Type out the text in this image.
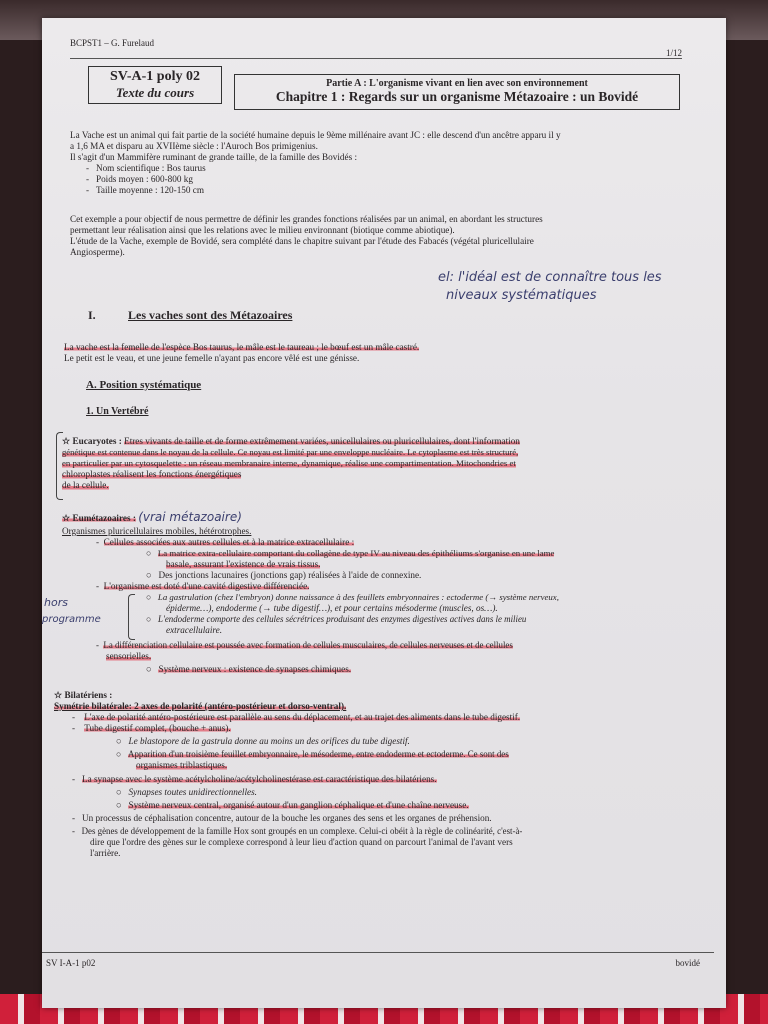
BCPST1 – G. Furelaud
1/12
SV-A-1 poly 02
Texte du cours
Partie A : L'organisme vivant en lien avec son environnement
Chapitre 1 : Regards sur un organisme Métazoaire : un Bovidé
La Vache est un animal qui fait partie de la société humaine depuis le 9ème millénaire avant JC : elle descend d'un ancêtre apparu il y
a 1,6 MA et disparu au XVIIème siècle : l'Auroch Bos primigenius.
Il s'agit d'un Mammifère ruminant de grande taille, de la famille des Bovidés :
-   Nom scientifique : Bos taurus
-   Poids moyen : 600-800 kg
-   Taille moyenne : 120-150 cm
Cet exemple a pour objectif de nous permettre de définir les grandes fonctions réalisées par un animal, en abordant les structures
permettant leur réalisation ainsi que les relations avec le milieu environnant (biotique comme abiotique).
L'étude de la Vache, exemple de Bovidé, sera complété dans le chapitre suivant par l'étude des Fabacés (végétal pluricellulaire
Angiosperme).
el: l'idéal est de connaître tous les
niveaux systématiques
I.	Les vaches sont des Métazoaires
La vache est la femelle de l'espèce Bos taurus, le mâle est le taureau ; le bœuf est un mâle castré.
Le petit est le veau, et une jeune femelle n'ayant pas encore vêlé est une génisse.
A. Position systématique
1. Un Vertébré
☆ Eucaryotes : Etres vivants de taille et de forme extrêmement variées, unicellulaires ou pluricellulaires, dont l'information
génétique est contenue dans le noyau de la cellule. Ce noyau est limité par une enveloppe nucléaire. Le cytoplasme est très structuré,
en particulier par un cytosquelette : un réseau membranaire interne, dynamique, réalise une compartimentation. Mitochondries et
chloroplastes réalisent les fonctions énergétiques
de la cellule.
☆ Eumétazoaires : (vrai métazoaire)
Organismes pluricellulaires mobiles, hétérotrophes.
-  Cellules associées aux autres cellules et à la matrice extracellulaire :
○   La matrice extra-cellulaire comportant du collagène de type IV au niveau des épithéliums s'organise en une lame
basale, assurant l'existence de vrais tissus.
○   Des jonctions lacunaires (jonctions gap) réalisées à l'aide de connexine.
-  L'organisme est doté d'une cavité digestive différenciée.
hors
programme
○   La gastrulation (chez l'embryon) donne naissance à des feuillets embryonnaires : ectoderme (→ système nerveux,
épiderme…), endoderme (→ tube digestif…), et pour certains mésoderme (muscles, os…).
○   L'endoderme comporte des cellules sécrétrices produisant des enzymes digestives actives dans le milieu
extracellulaire.
-  La différenciation cellulaire est poussée avec formation de cellules musculaires, de cellules nerveuses et de cellules
sensorielles.
○   Système nerveux : existence de synapses chimiques.
☆ Bilatériens :
Symétrie bilatérale: 2 axes de polarité (antéro-postérieur et dorso-ventral).
-    L'axe de polarité antéro-postérieure est parallèle au sens du déplacement, et au trajet des aliments dans le tube digestif.
-    Tube digestif complet, (bouche + anus).
○   Le blastopore de la gastrula donne au moins un des orifices du tube digestif.
○   Apparition d'un troisième feuillet embryonnaire, le mésoderme, entre endoderme et ectoderme. Ce sont des
organismes triblastiques.
-   La synapse avec le système acétylcholine/acétylcholinestérase est caractéristique des bilatériens.
○   Synapses toutes unidirectionnelles.
○   Système nerveux central, organisé autour d'un ganglion céphalique et d'une chaîne nerveuse.
-   Un processus de céphalisation concentre, autour de la bouche les organes des sens et les organes de préhension.
-   Des gènes de développement de la famille Hox sont groupés en un complexe. Celui-ci obéit à la règle de colinéarité, c'est-à-
dire que l'ordre des gènes sur le complexe correspond à leur lieu d'action quand on parcourt l'animal de l'avant vers
l'arrière.
SV I-A-1 p02	bovidé
